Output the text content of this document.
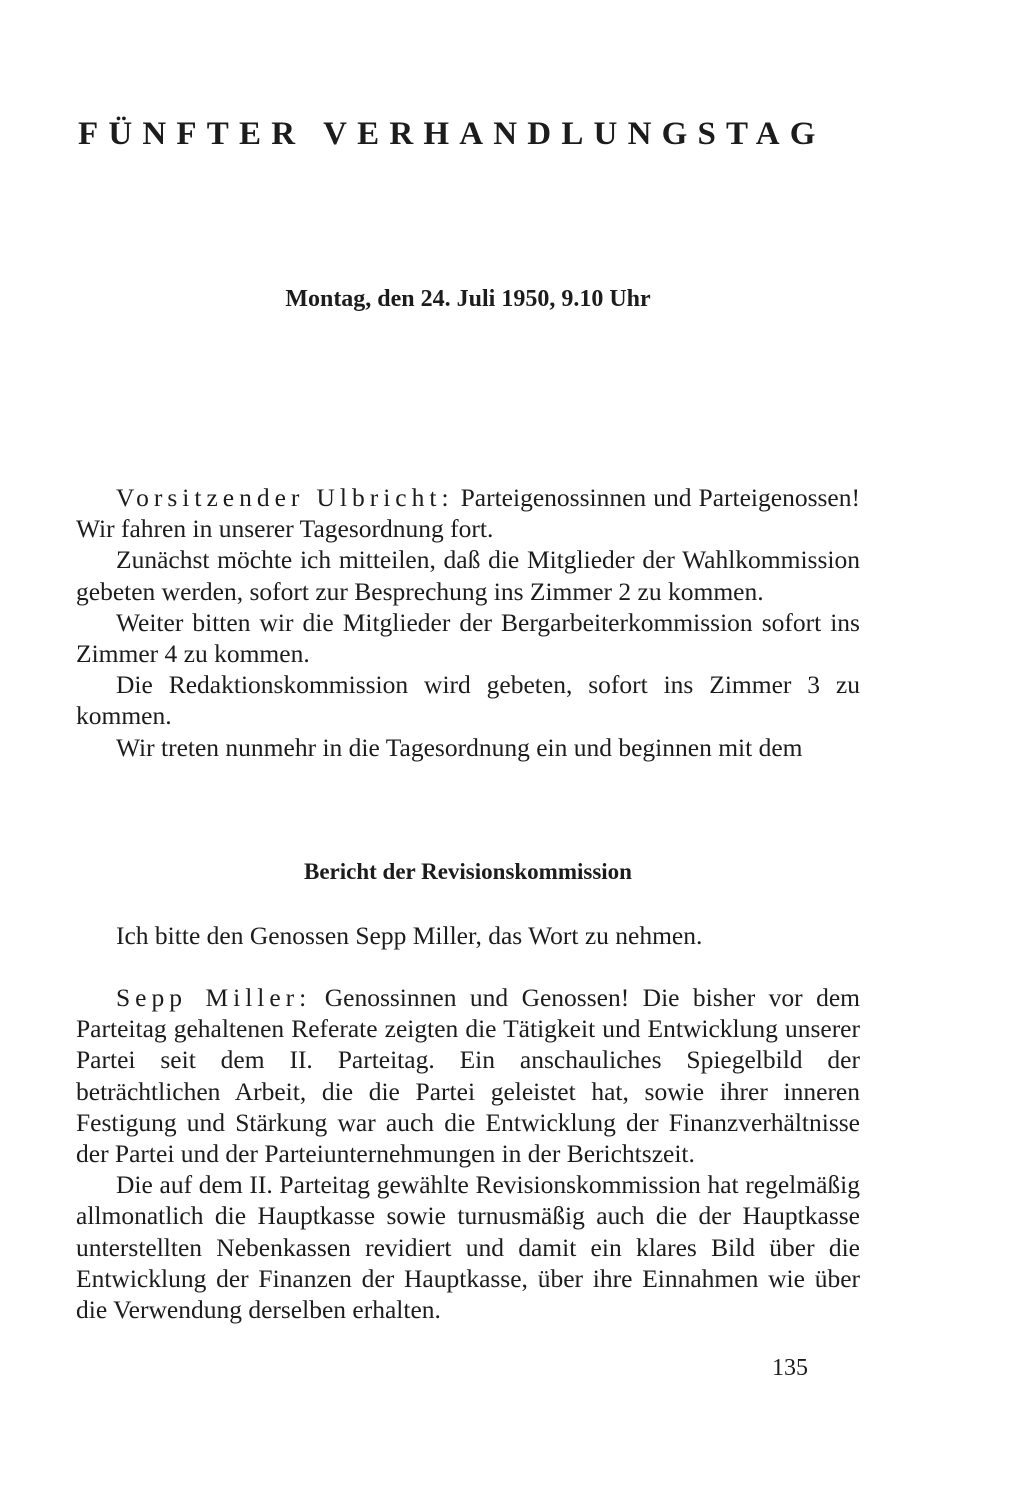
FÜNFTER VERHANDLUNGSTAG

Montag, den 24. Juli 1950, 9.10 Uhr

Vorsitzender Ulbricht: Parteigenossinnen und Parteigenossen! Wir fahren in unserer Tagesordnung fort.

Zunächst möchte ich mitteilen, daß die Mitglieder der Wahlkommission gebeten werden, sofort zur Besprechung ins Zimmer 2 zu kommen.

Weiter bitten wir die Mitglieder der Bergarbeiterkommission sofort ins Zimmer 4 zu kommen.

Die Redaktionskommission wird gebeten, sofort ins Zimmer 3 zu kommen.

Wir treten nunmehr in die Tagesordnung ein und beginnen mit dem

Bericht der Revisionskommission

Ich bitte den Genossen Sepp Miller, das Wort zu nehmen.

Sepp Miller: Genossinnen und Genossen! Die bisher vor dem Parteitag gehaltenen Referate zeigten die Tätigkeit und Entwicklung unserer Partei seit dem II. Parteitag. Ein anschauliches Spiegelbild der beträchtlichen Arbeit, die die Partei geleistet hat, sowie ihrer inneren Festigung und Stärkung war auch die Entwicklung der Finanzverhältnisse der Partei und der Parteiunternehmungen in der Berichtszeit.

Die auf dem II. Parteitag gewählte Revisionskommission hat regelmäßig allmonatlich die Hauptkasse sowie turnusmäßig auch die der Hauptkasse unterstellten Nebenkassen revidiert und damit ein klares Bild über die Entwicklung der Finanzen der Hauptkasse, über ihre Einnahmen wie über die Verwendung derselben erhalten.

135
